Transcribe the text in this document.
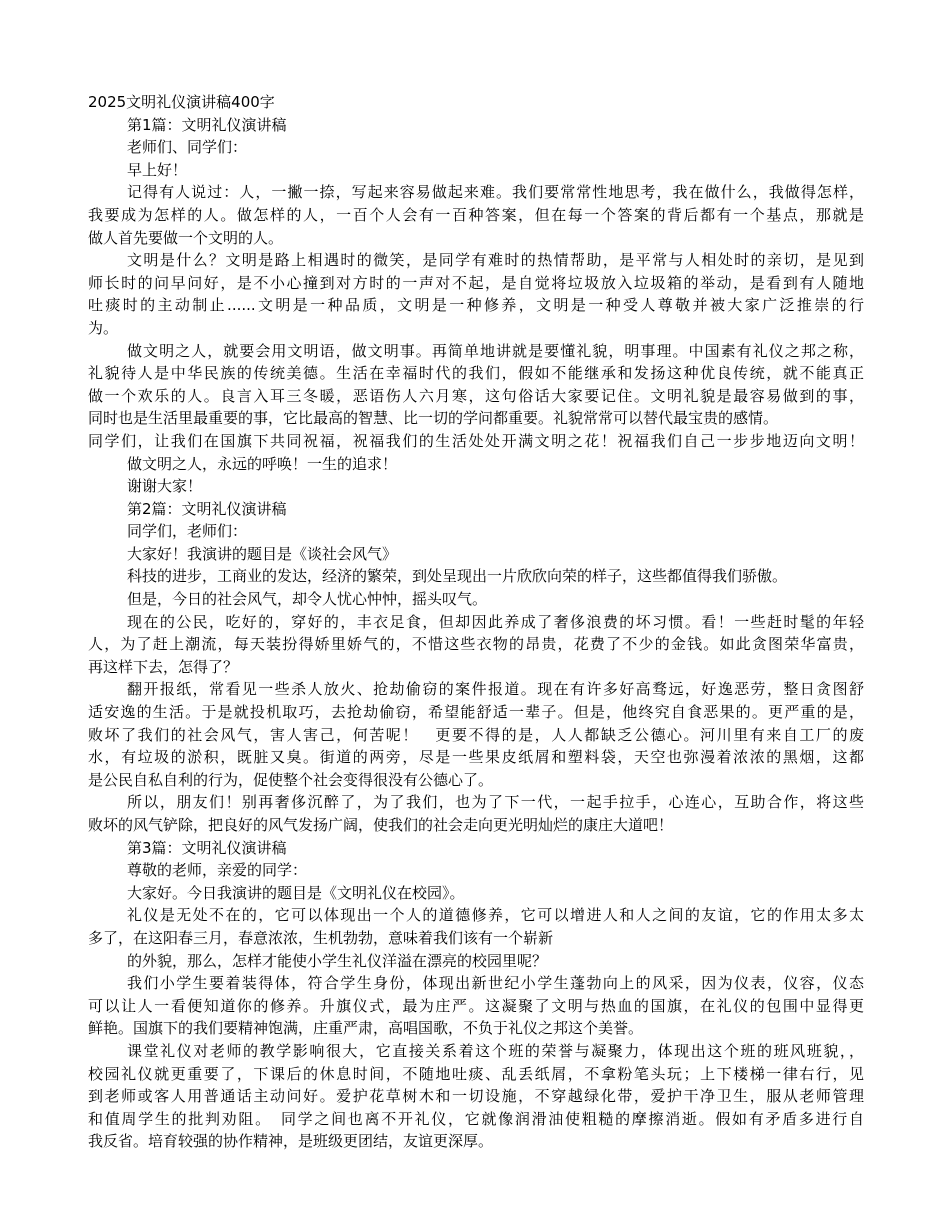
2025文明礼仪演讲稿400字
第1篇：文明礼仪演讲稿
老师们、同学们：
早上好！
记得有人说过：人，一撇一捺，写起来容易做起来难。我们要常常性地思考，我在做什么，我做得怎样，
我要成为怎样的人。做怎样的人，一百个人会有一百种答案，但在每一个答案的背后都有一个基点，那就是
做人首先要做一个文明的人。
文明是什么？文明是路上相遇时的微笑，是同学有难时的热情帮助，是平常与人相处时的亲切，是见到
师长时的问早问好，是不小心撞到对方时的一声对不起，是自觉将垃圾放入垃圾箱的举动，是看到有人随地
吐痰时的主动制止......文明是一种品质，文明是一种修养，文明是一种受人尊敬并被大家广泛推崇的行
为。
做文明之人，就要会用文明语，做文明事。再简单地讲就是要懂礼貌，明事理。中国素有礼仪之邦之称，
礼貌待人是中华民族的传统美德。生活在幸福时代的我们，假如不能继承和发扬这种优良传统，就不能真正
做一个欢乐的人。良言入耳三冬暖，恶语伤人六月寒，这句俗话大家要记住。文明礼貌是最容易做到的事，
同时也是生活里最重要的事，它比最高的智慧、比一切的学问都重要。礼貌常常可以替代最宝贵的感情。
同学们，让我们在国旗下共同祝福，祝福我们的生活处处开满文明之花！祝福我们自己一步步地迈向文明！
做文明之人，永远的呼唤！一生的追求！
谢谢大家！
第2篇：文明礼仪演讲稿
同学们，老师们：
大家好！我演讲的题目是《谈社会风气》
科技的进步，工商业的发达，经济的繁荣，到处呈现出一片欣欣向荣的样子，这些都值得我们骄傲。
但是，今日的社会风气，却令人忧心忡忡，摇头叹气。
现在的公民，吃好的，穿好的，丰衣足食，但却因此养成了奢侈浪费的坏习惯。看！一些赶时髦的年轻
人，为了赶上潮流，每天装扮得娇里娇气的，不惜这些衣物的昂贵，花费了不少的金钱。如此贪图荣华富贵，
再这样下去，怎得了？
翻开报纸，常看见一些杀人放火、抢劫偷窃的案件报道。现在有许多好高骛远，好逸恶劳，整日贪图舒
适安逸的生活。于是就投机取巧，去抢劫偷窃，希望能舒适一辈子。但是，他终究自食恶果的。更严重的是，
败坏了我们的社会风气，害人害己，何苦呢！　更要不得的是，人人都缺乏公德心。河川里有来自工厂的废
水，有垃圾的淤积，既脏又臭。街道的两旁，尽是一些果皮纸屑和塑料袋，天空也弥漫着浓浓的黑烟，这都
是公民自私自利的行为，促使整个社会变得很没有公德心了。
所以，朋友们！别再奢侈沉醉了，为了我们，也为了下一代，一起手拉手，心连心，互助合作，将这些
败坏的风气铲除，把良好的风气发扬广阔，使我们的社会走向更光明灿烂的康庄大道吧！
第3篇：文明礼仪演讲稿
尊敬的老师，亲爱的同学：
大家好。今日我演讲的题目是《文明礼仪在校园》。
礼仪是无处不在的，它可以体现出一个人的道德修养，它可以增进人和人之间的友谊，它的作用太多太
多了，在这阳春三月，春意浓浓，生机勃勃，意味着我们该有一个崭新
的外貌，那么，怎样才能使小学生礼仪洋溢在漂亮的校园里呢？
我们小学生要着装得体，符合学生身份，体现出新世纪小学生蓬勃向上的风采，因为仪表，仪容，仪态
可以让人一看便知道你的修养。升旗仪式，最为庄严。这凝聚了文明与热血的国旗，在礼仪的包围中显得更
鲜艳。国旗下的我们要精神饱满，庄重严肃，高唱国歌，不负于礼仪之邦这个美誉。
课堂礼仪对老师的教学影响很大，它直接关系着这个班的荣誉与凝聚力，体现出这个班的班风班貌，，
校园礼仪就更重要了，下课后的休息时间，不随地吐痰、乱丢纸屑，不拿粉笔头玩；上下楼梯一律右行，见
到老师或客人用普通话主动问好。爱护花草树木和一切设施，不穿越绿化带，爱护干净卫生，服从老师管理
和值周学生的批判劝阻。　同学之间也离不开礼仪，它就像润滑油使粗糙的摩擦消逝。假如有矛盾多进行自
我反省。培育较强的协作精神，是班级更团结，友谊更深厚。
